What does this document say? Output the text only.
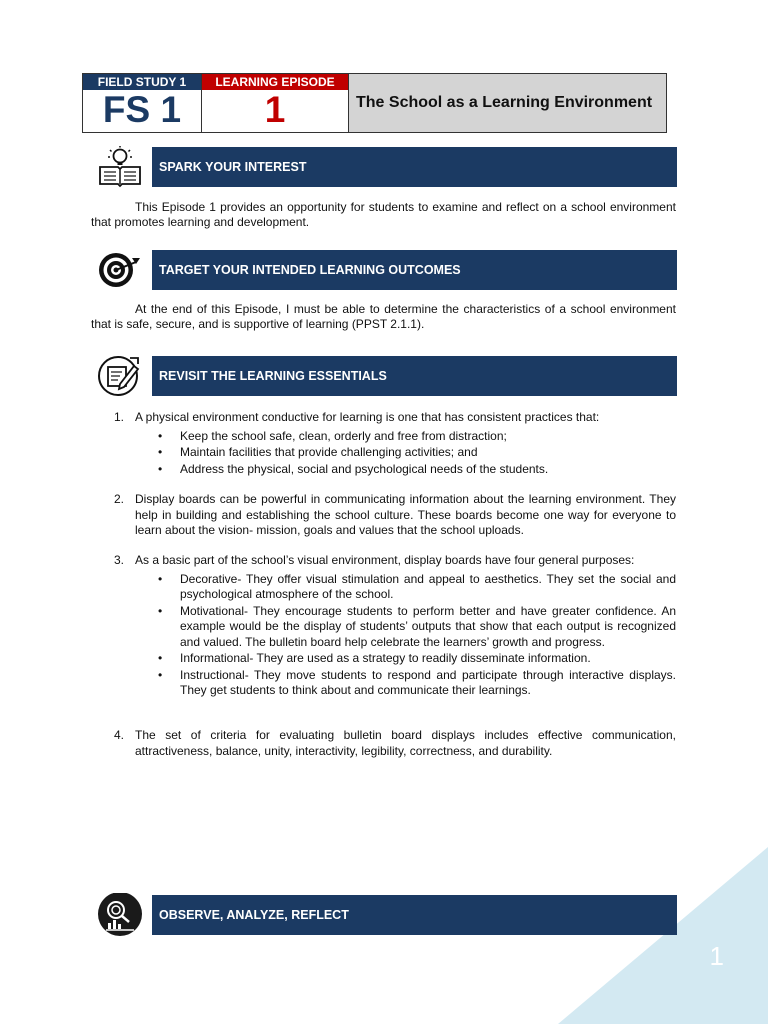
1
FIELD STUDY 1
FS 1
LEARNING EPISODE
1	The School as a Learning Environment
SPARK YOUR INTEREST

This Episode 1 provides an opportunity for students to examine and reflect on a school environment that promotes learning and development.

TARGET YOUR INTENDED LEARNING OUTCOMES

At the end of this Episode, I must be able to determine the characteristics of a school environment that is safe, secure, and is supportive of learning (PPST 2.1.1).

REVISIT THE LEARNING ESSENTIALS
1. A physical environment conductive for learning is one that has consistent practices that:
• Keep the school safe, clean, orderly and free from distraction;
• Maintain facilities that provide challenging activities; and
• Address the physical, social and psychological needs of the students.
2. Display boards can be powerful in communicating information about the learning environment. They help in building and establishing the school culture. These boards become one way for everyone to learn about the vision- mission, goals and values that the school uploads.
3. As a basic part of the school’s visual environment, display boards have four general purposes:
• Decorative- They offer visual stimulation and appeal to aesthetics. They set the social and psychological atmosphere of the school.
• Motivational- They encourage students to perform better and have greater confidence. An example would be the display of students’ outputs that show that each output is recognized and valued. The bulletin board help celebrate the learners’ growth and progress.
• Informational- They are used as a strategy to readily disseminate information.
• Instructional- They move students to respond and participate through interactive displays. They get students to think about and communicate their learnings.
4. The set of criteria for evaluating bulletin board displays includes effective communication, attractiveness, balance, unity, interactivity, legibility, correctness, and durability.
OBSERVE, ANALYZE, REFLECT
